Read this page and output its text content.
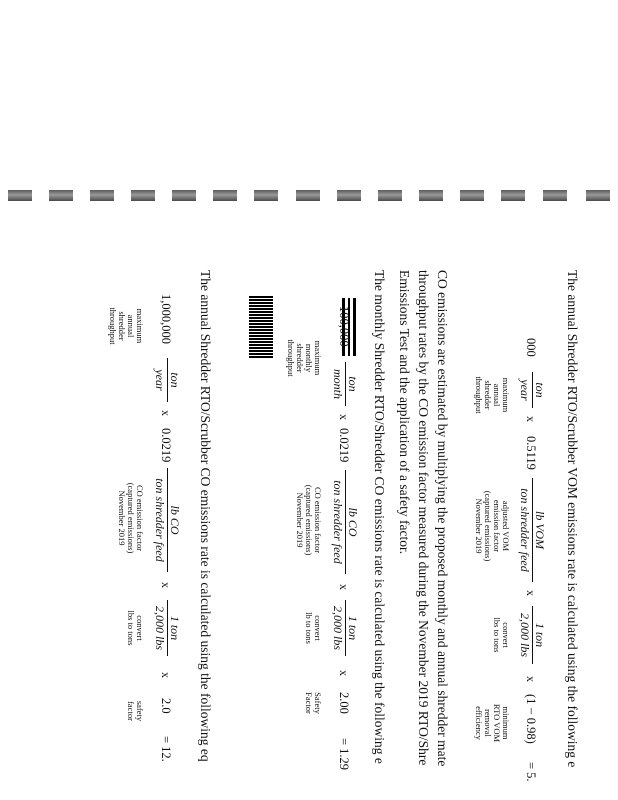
The annual Shredder RTO/Scrubber VOM emissions rate is calculated using the following e
000
ton
year
x
0.5119
lb VOM
ton shredder feed
x
1 ton
2,000 lbs
x
(1 − 0.98)
= 5.
maximum
annual
shredder
throughput
adjusted VOM
emission factor
(captured emissions)
November 2019
convert
lbs to tons
minimum
RTO VOM
removal
efficiency
CO emissions are estimated by multiplying the proposed monthly and annual shredder mate
throughput rates by the CO emission factor measured during the November 2019 RTO/Shre
Emissions Test and the application of a safety factor.
The monthly Shredder RTO/Shredder CO emissions rate is calculated using the following e
100,000
ton
month
x
0.0219
lb CO
ton shredder feed
x
1 ton
2,000 lbs
x
2.00
= 1.29
maximum
monthly
shredder
throughput
CO emission factor
(captured emissions)
November 2019
convert
lb to tons
Safety
Factor
The annual Shredder RTO/Scrubber CO emissions rate is calculated using the following eq
1,000,000
ton
year
x
0.0219
lb CO
ton shredder feed
x
1 ton
2,000 lbs
x
2.0
= 12.
maximum
annual
shredder
throughput
CO emission factor
(captured emissions)
November 2019
convert
lbs to tons
safety
factor
